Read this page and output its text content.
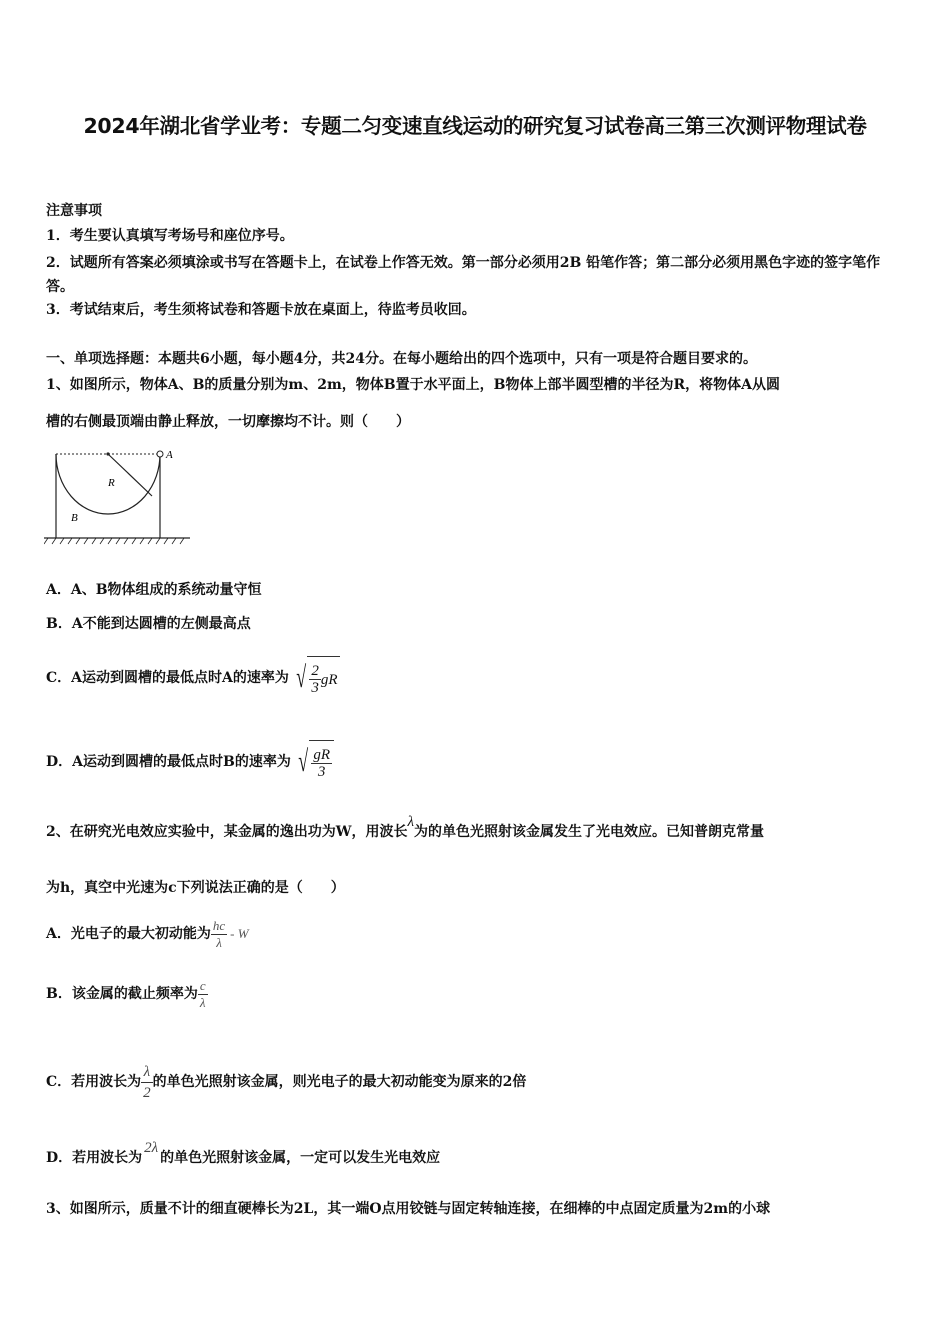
2024年湖北省学业考：专题二匀变速直线运动的研究复习试卷高三第三次测评物理试卷
注意事项
1．考生要认真填写考场号和座位序号。
2．试题所有答案必须填涂或书写在答题卡上，在试卷上作答无效。第一部分必须用2B 铅笔作答；第二部分必须用黑色字迹的签字笔作答。
3．考试结束后，考生须将试卷和答题卡放在桌面上，待监考员收回。
一、单项选择题：本题共6小题，每小题4分，共24分。在每小题给出的四个选项中，只有一项是符合题目要求的。
1、如图所示，物体A、B的质量分别为m、2m，物体B置于水平面上，B物体上部半圆型槽的半径为R，将物体A从圆
槽的右侧最顶端由静止释放，一切摩擦均不计。则（　　）
A
R
B
A．A、B物体组成的系统动量守恒
B．A不能到达圆槽的左侧最高点
C．A运动到圆槽的最低点时A的速率为 √ $\frac{2}{3}$ gR
D．A运动到圆槽的最低点时B的速率为 √ $\frac{gR}{3}$
2、在研究光电效应实验中，某金属的逸出功为W，用波长λ为的单色光照射该金属发生了光电效应。已知普朗克常量
为h，真空中光速为c下列说法正确的是（　　）
A．光电子的最大初动能为 $\frac{hc}{\lambda}$ - W
B．该金属的截止频率为 $\frac{c}{\lambda}$
C．若用波长为 $\frac{\lambda}{2}$ 的单色光照射该金属，则光电子的最大初动能变为原来的2倍
D．若用波长为
2λ
的单色光照射该金属，一定可以发生光电效应
3、如图所示，质量不计的细直硬棒长为2L，其一端O点用铰链与固定转轴连接，在细棒的中点固定质量为2m的小球
